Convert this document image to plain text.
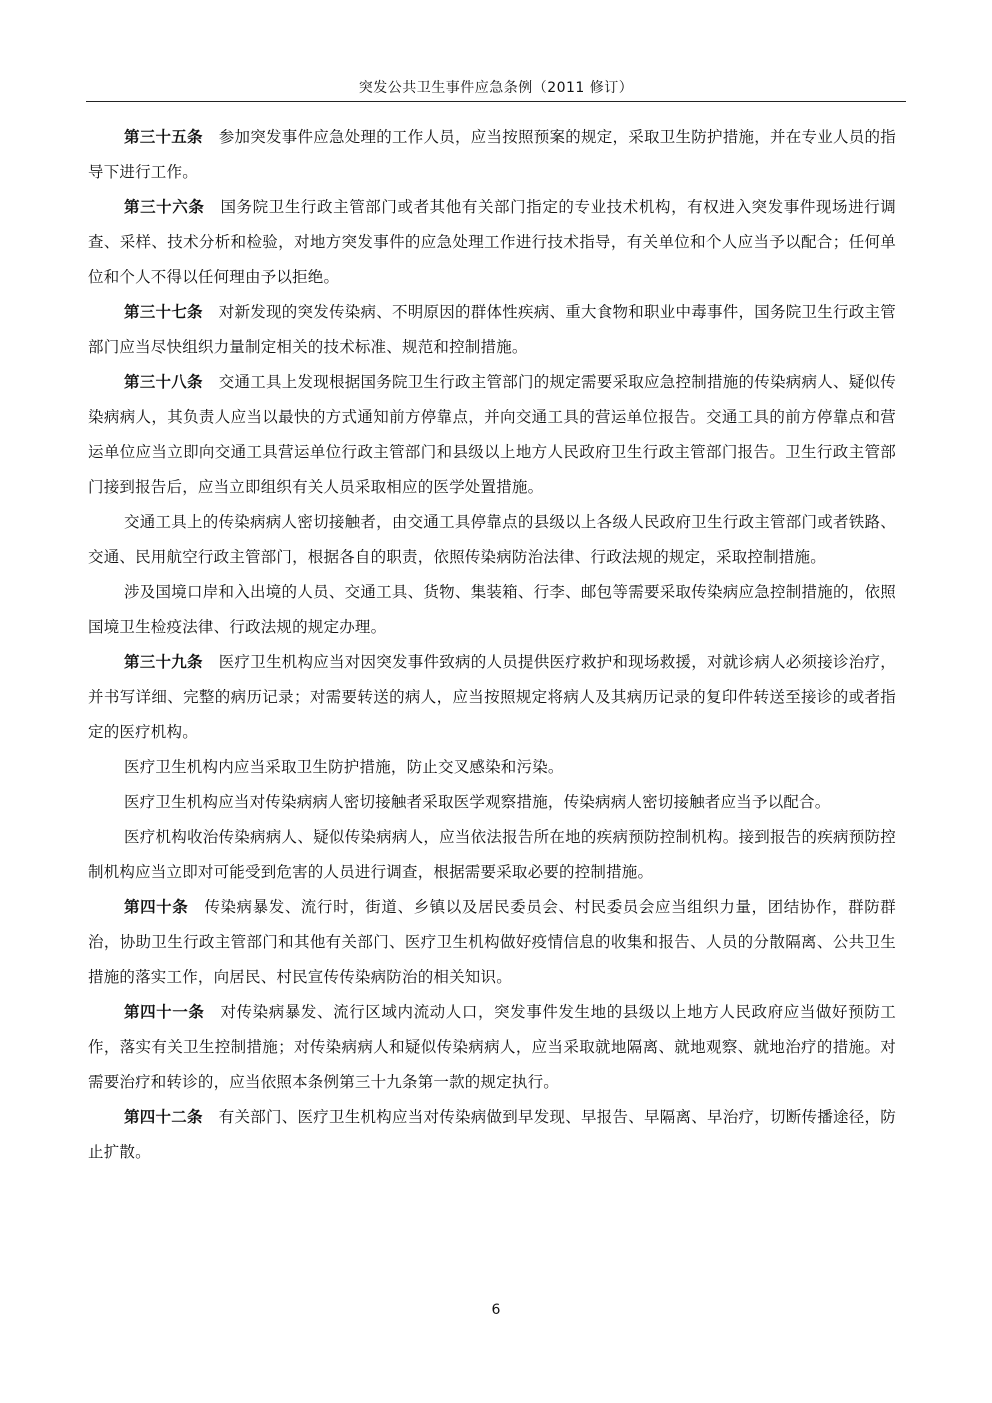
突发公共卫生事件应急条例（2011 修订）

第三十五条 参加突发事件应急处理的工作人员，应当按照预案的规定，采取卫生防护措施，并在专业人员的指导下进行工作。

第三十六条 国务院卫生行政主管部门或者其他有关部门指定的专业技术机构，有权进入突发事件现场进行调查、采样、技术分析和检验，对地方突发事件的应急处理工作进行技术指导，有关单位和个人应当予以配合；任何单位和个人不得以任何理由予以拒绝。

第三十七条 对新发现的突发传染病、不明原因的群体性疾病、重大食物和职业中毒事件，国务院卫生行政主管部门应当尽快组织力量制定相关的技术标准、规范和控制措施。

第三十八条 交通工具上发现根据国务院卫生行政主管部门的规定需要采取应急控制措施的传染病病人、疑似传染病病人，其负责人应当以最快的方式通知前方停靠点，并向交通工具的营运单位报告。交通工具的前方停靠点和营运单位应当立即向交通工具营运单位行政主管部门和县级以上地方人民政府卫生行政主管部门报告。卫生行政主管部门接到报告后，应当立即组织有关人员采取相应的医学处置措施。

交通工具上的传染病病人密切接触者，由交通工具停靠点的县级以上各级人民政府卫生行政主管部门或者铁路、交通、民用航空行政主管部门，根据各自的职责，依照传染病防治法律、行政法规的规定，采取控制措施。

涉及国境口岸和入出境的人员、交通工具、货物、集装箱、行李、邮包等需要采取传染病应急控制措施的，依照国境卫生检疫法律、行政法规的规定办理。

第三十九条 医疗卫生机构应当对因突发事件致病的人员提供医疗救护和现场救援，对就诊病人必须接诊治疗，并书写详细、完整的病历记录；对需要转送的病人，应当按照规定将病人及其病历记录的复印件转送至接诊的或者指定的医疗机构。

医疗卫生机构内应当采取卫生防护措施，防止交叉感染和污染。

医疗卫生机构应当对传染病病人密切接触者采取医学观察措施，传染病病人密切接触者应当予以配合。

医疗机构收治传染病病人、疑似传染病病人，应当依法报告所在地的疾病预防控制机构。接到报告的疾病预防控制机构应当立即对可能受到危害的人员进行调查，根据需要采取必要的控制措施。

第四十条 传染病暴发、流行时，街道、乡镇以及居民委员会、村民委员会应当组织力量，团结协作，群防群治，协助卫生行政主管部门和其他有关部门、医疗卫生机构做好疫情信息的收集和报告、人员的分散隔离、公共卫生措施的落实工作，向居民、村民宣传传染病防治的相关知识。

第四十一条 对传染病暴发、流行区域内流动人口，突发事件发生地的县级以上地方人民政府应当做好预防工作，落实有关卫生控制措施；对传染病病人和疑似传染病病人，应当采取就地隔离、就地观察、就地治疗的措施。对需要治疗和转诊的，应当依照本条例第三十九条第一款的规定执行。

第四十二条 有关部门、医疗卫生机构应当对传染病做到早发现、早报告、早隔离、早治疗，切断传播途径，防止扩散。

6
